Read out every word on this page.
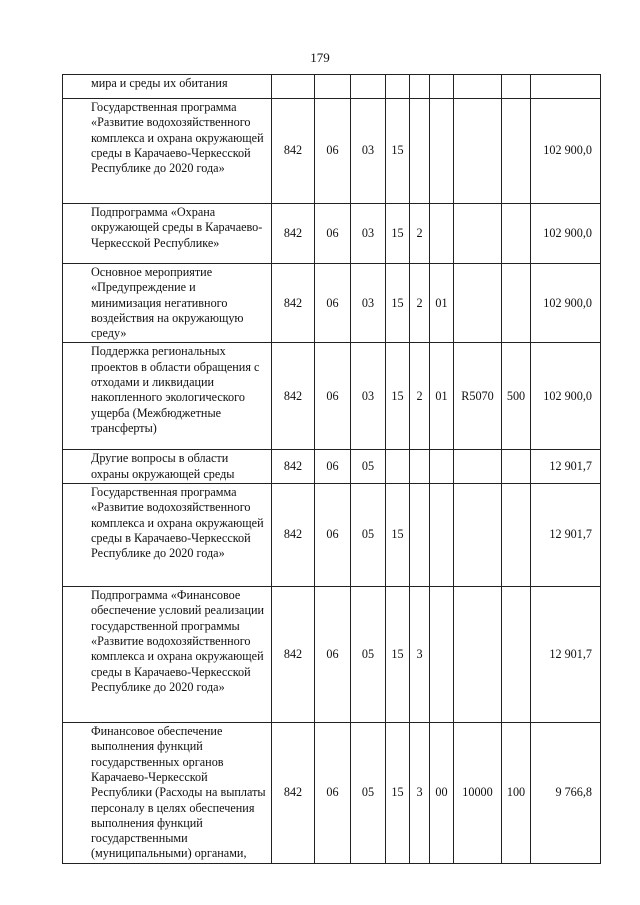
179
мира и среды их обитания									
Государственная программа «Развитие водохозяйственного комплекса и охрана окружающей среды в Карачаево-Черкесской Республике до 2020 года»	842	06	03	15					102 900,0
Подпрограмма «Охрана окружающей среды в Карачаево-Черкесской Республике»	842	06	03	15	2				102 900,0
Основное мероприятие «Предупреждение и минимизация негативного воздействия на окружающую среду»	842	06	03	15	2	01			102 900,0
Поддержка региональных проектов в области обращения с отходами и ликвидации накопленного экологического ущерба (Межбюджетные трансферты)	842	06	03	15	2	01	R5070	500	102 900,0
Другие вопросы в области охраны окружающей среды	842	06	05						12 901,7
Государственная программа «Развитие водохозяйственного комплекса и охрана окружающей среды в Карачаево-Черкесской Республике до 2020 года»	842	06	05	15					12 901,7
Подпрограмма «Финансовое обеспечение условий реализации государственной программы «Развитие водохозяйственного комплекса и охрана окружающей среды в Карачаево-Черкесской Республике до 2020 года»	842	06	05	15	3				12 901,7
Финансовое обеспечение выполнения функций государственных органов Карачаево-Черкесской Республики (Расходы на выплаты персоналу в целях обеспечения выполнения функций государственными (муниципальными) органами,	842	06	05	15	3	00	10000	100	9 766,8
